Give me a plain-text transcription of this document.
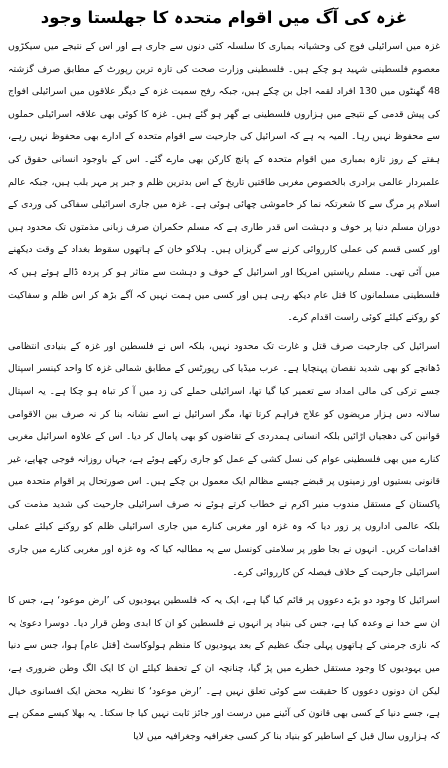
غزہ کی آگ میں اقوام متحدہ کا جھلستا وجود

غزہ میں اسرائیلی فوج کی وحشیانہ بمباری کا سلسلہ کئی دنوں سے جاری ہے اور اس کے نتیجے میں سیکڑوں معصوم فلسطینی شہید ہو چکے ہیں۔ فلسطینی وزارت صحت کی تازہ ترین رپورٹ کے مطابق صرف گزشتہ 48 گھنٹوں میں 130 افراد لقمہ اجل بن چکے ہیں، جبکہ رفح سمیت غزہ کے دیگر علاقوں میں اسرائیلی افواج کی پیش قدمی کے نتیجے میں ہزاروں فلسطینی بے گھر ہو گئے ہیں۔ غزہ کا کوئی بھی علاقہ اسرائیلی حملوں سے محفوظ نہیں رہا۔ المیہ یہ ہے کہ اسرائیل کی جارحیت سے اقوام متحدہ کے ادارے بھی محفوظ نہیں رہے، ہفتے کے روز تازہ بمباری میں اقوام متحدہ کے پانچ کارکن بھی مارے گئے۔ اس کے باوجود انسانی حقوق کی علمبردار عالمی برادری بالخصوص مغربی طاقتیں تاریخ کے اس بدترین ظلم و جبر پر مہر بلب ہیں، جبکہ عالم اسلام پر مرگ سے کا شعرتکہ نما کر خاموشی چھائی ہوئی ہے۔ غزہ میں جاری اسرائیلی سفاکی کی وردی کے دوران مسلم دنیا پر خوف و دہشت اس قدر طاری ہے کہ مسلم حکمران صرف زبانی مذمتوں تک محدود ہیں اور کسی قسم کی عملی کارروائی کرنے سے گریزاں ہیں۔ ہلاکو خان کے ہاتھوں سقوط بغداد کے وقت دیکھنے میں آئی تھی۔ مسلم ریاستیں امریکا اور اسرائیل کے خوف و دہشت سے متاثر ہو کر پردہ ڈالے ہوئے ہیں کہ فلسطینی مسلمانوں کا قتل عام دیکھ رہی ہیں اور کسی میں ہمت نہیں کہ آگے بڑھ کر اس ظلم و سفاکیت کو روکنے کیلئے کوئی راست اقدام کرے۔

اسرائیل کی جارحیت صرف قتل و غارت تک محدود نہیں، بلکہ اس نے فلسطین اور غزہ کے بنیادی انتظامی ڈھانچے کو بھی شدید نقصان پہنچایا ہے۔ عرب میڈیا کی رپورٹس کے مطابق شمالی غزہ کا واحد کینسر اسپتال جسے ترکی کی مالی امداد سے تعمیر کیا گیا تھا، اسرائیلی حملے کی زد میں آ کر تباہ ہو چکا ہے۔ یہ اسپتال سالانہ دس ہزار مریضوں کو علاج فراہم کرتا تھا، مگر اسرائیل نے اسے نشانہ بنا کر نہ صرف بین الاقوامی قوانین کی دھجیاں اڑائیں بلکہ انسانی ہمدردی کے تقاضوں کو بھی پامال کر دیا۔ اس کے علاوہ اسرائیل مغربی کنارے میں بھی فلسطینی عوام کی نسل کشی کے عمل کو جاری رکھے ہوئے ہے، جہاں روزانہ فوجی چھاپے، غیر قانونی بستیوں اور زمینوں پر قبضے جیسے مظالم ایک معمول بن چکے ہیں۔ اس صورتحال پر اقوام متحدہ میں پاکستان کے مستقل مندوب منیر اکرم نے خطاب کرتے ہوئے نہ صرف اسرائیلی جارحیت کی شدید مذمت کی بلکہ عالمی اداروں پر زور دیا کہ وہ غزہ اور مغربی کنارے میں جاری اسرائیلی ظلم کو روکنے کیلئے عملی اقدامات کریں۔ انہوں نے بجا طور پر سلامتی کونسل سے یہ مطالبہ کیا کہ وہ غزہ اور مغربی کنارے میں جاری اسرائیلی جارحیت کے خلاف فیصلہ کن کارروائی کرے۔

اسرائیل کا وجود دو بڑے دعووں پر قائم کیا گیا ہے، ایک یہ کہ فلسطین یہودیوں کی ’ارض موعود‘ ہے، جس کا ان سے خدا نے وعدہ کیا ہے، جس کی بنیاد پر انہوں نے فلسطین کو ان کا ابدی وطن قرار دیا۔ دوسرا دعویٰ یہ کہ نازی جرمنی کے ہاتھوں پہلی جنگ عظیم کے بعد یہودیوں کا منظم ہولوکاسٹ [قتل عام] ہوا، جس سے دنیا میں یہودیوں کا وجود مستقل خطرے میں پڑ گیا، چنانچہ ان کے تحفظ کیلئے ان کا ایک الگ وطن ضروری ہے، لیکن ان دونوں دعووں کا حقیقت سے کوئی تعلق نہیں ہے۔ ’ارض موعود‘ کا نظریہ محض ایک افسانوی خیال ہے، جسے دنیا کے کسی بھی قانون کی آئینے میں درست اور جائز ثابت نہیں کیا جا سکتا۔ یہ بھلا کیسے ممکن ہے کہ ہزاروں سال قبل کے اساطیر کو بنیاد بنا کر کسی جغرافیہ وجغرافیہ میں لایا
